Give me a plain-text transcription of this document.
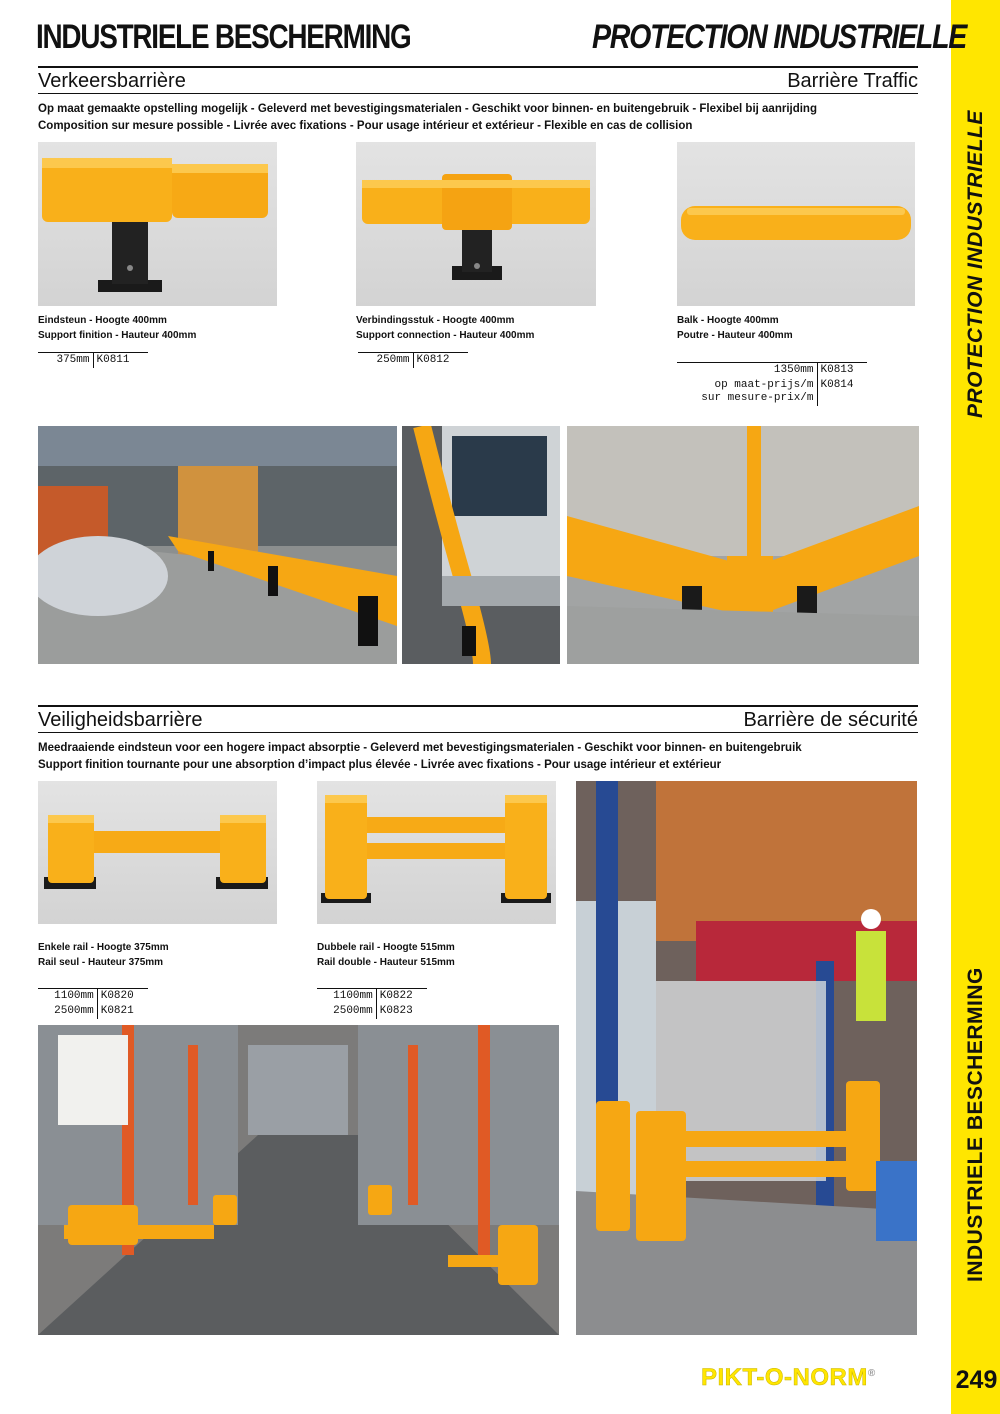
PROTECTION INDUSTRIELLE
INDUSTRIELE BESCHERMING
249
INDUSTRIELE BESCHERMING	PROTECTION INDUSTRIELLE
Verkeersbarrière	Barrière Traffic
Op maat gemaakte opstelling mogelijk - Geleverd met bevestigingsmaterialen - Geschikt voor binnen- en buitengebruik - Flexibel bij aanrijding
Composition sur mesure possible - Livrée avec fixations - Pour usage intérieur et extérieur - Flexible en cas de collision
Eindsteun - Hoogte 400mm
Support finition - Hauteur 400mm
375mm	K0811
Verbindingsstuk - Hoogte 400mm
Support connection - Hauteur 400mm
250mm	K0812
Balk - Hoogte 400mm
Poutre - Hauteur 400mm
1350mm	K0813

op maat-prijs/m
sur mesure-prix/m	K0814
Veiligheidsbarrière	Barrière de sécurité
Meedraaiende eindsteun voor een hogere impact absorptie - Geleverd met bevestigingsmaterialen - Geschikt voor binnen- en buitengebruik
Support finition tournante pour une absorption d’impact plus élevée - Livrée avec fixations - Pour usage intérieur et extérieur
Enkele rail - Hoogte 375mm
Rail seul - Hauteur 375mm
1100mm	K0820
2500mm	K0821
Dubbele rail - Hoogte 515mm
Rail double - Hauteur 515mm
1100mm	K0822
2500mm	K0823
PIKT-O-NORM®
